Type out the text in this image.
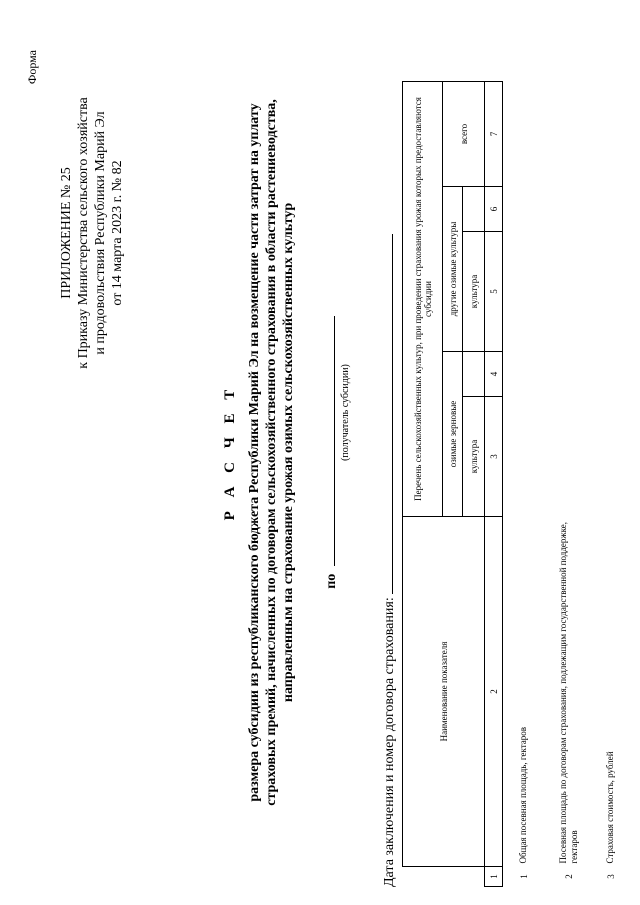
Форма
ПРИЛОЖЕНИЕ № 25 к Приказу Министерства сельского хозяйства и продовольствия Республики Марий Эл от 14 марта 2023 г. № 82
Р А С Ч Е Т размера субсидии из республиканского бюджета Республики Марий Эл на возмещение части затрат на уплату страховых премий, начисленных по договорам сельскохозяйственного страхования в области растениеводства, направленным на страхование урожая озимых сельскохозяйственных культур по
(получатель субсидии)
Дата заключения и номер договора страхования:
		Наименование показателя	Перечень сельскохозяйственных культур, при проведении страхования урожая которых предоставляются субсидии				
		озимые зерновые		другие озимые культуры		всего
		культура		культура		
1	2	3	4	5	6	7
1	Общая посевная площадь, гектаров					
2	Посевная площадь по договорам страхования, подлежащим государственной поддержке, гектаров					
3	Страховая стоимость, рублей					
